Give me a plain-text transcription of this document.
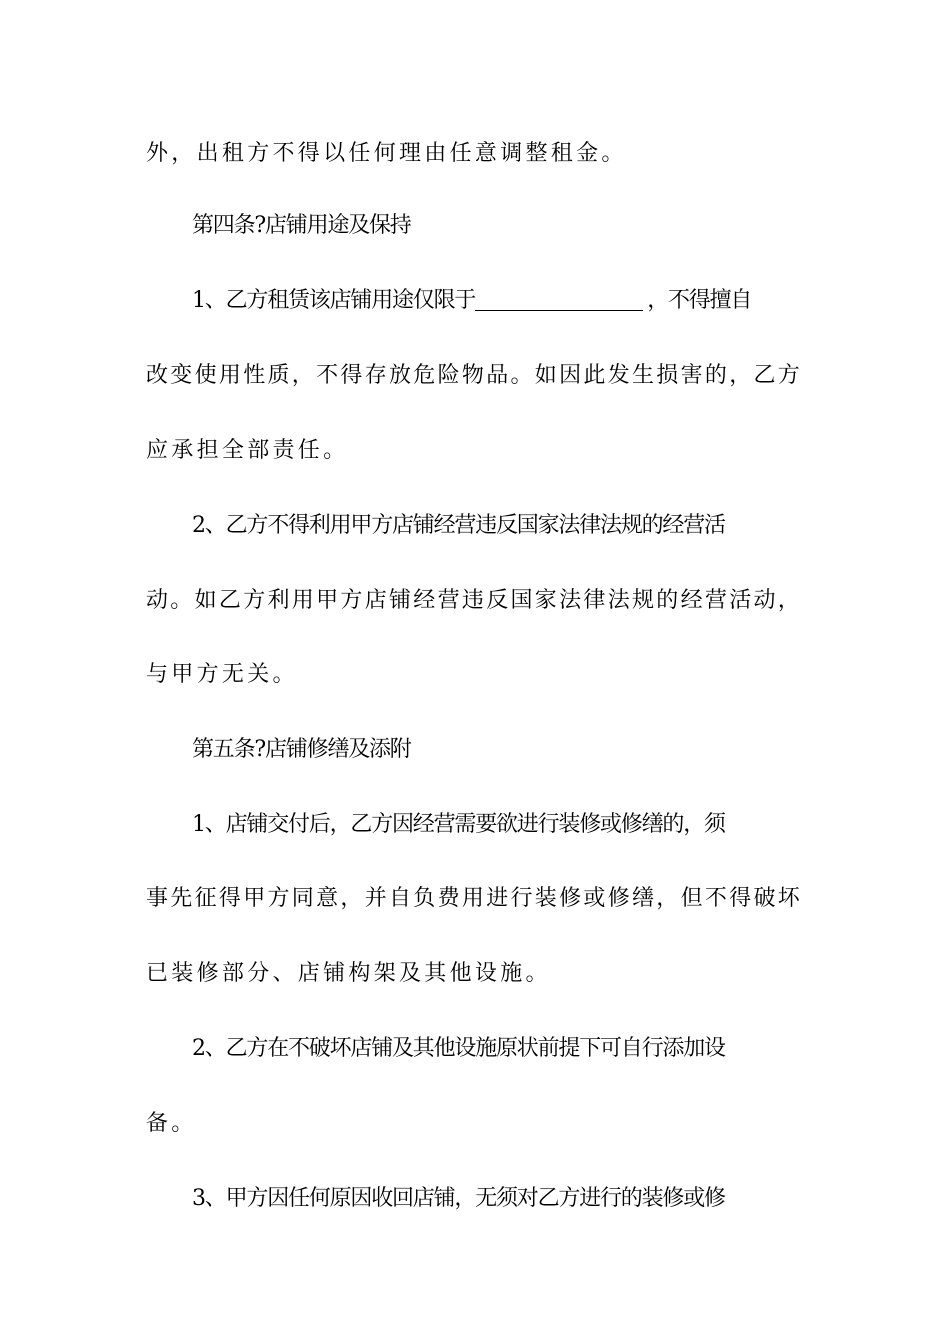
外，出租方不得以任何理由任意调整租金。
第四条?店铺用途及保持
1、乙方租赁该店铺用途仅限于	，不得擅自
改变使用性质，不得存放危险物品。如因此发生损害的，乙方
应承担全部责任。
2、乙方不得利用甲方店铺经营违反国家法律法规的经营活
动。如乙方利用甲方店铺经营违反国家法律法规的经营活动，
与甲方无关。
第五条?店铺修缮及添附
1、店铺交付后，乙方因经营需要欲进行装修或修缮的，须
事先征得甲方同意，并自负费用进行装修或修缮，但不得破坏
已装修部分、店铺构架及其他设施。
2、乙方在不破坏店铺及其他设施原状前提下可自行添加设
备。
3、甲方因任何原因收回店铺，无须对乙方进行的装修或修
